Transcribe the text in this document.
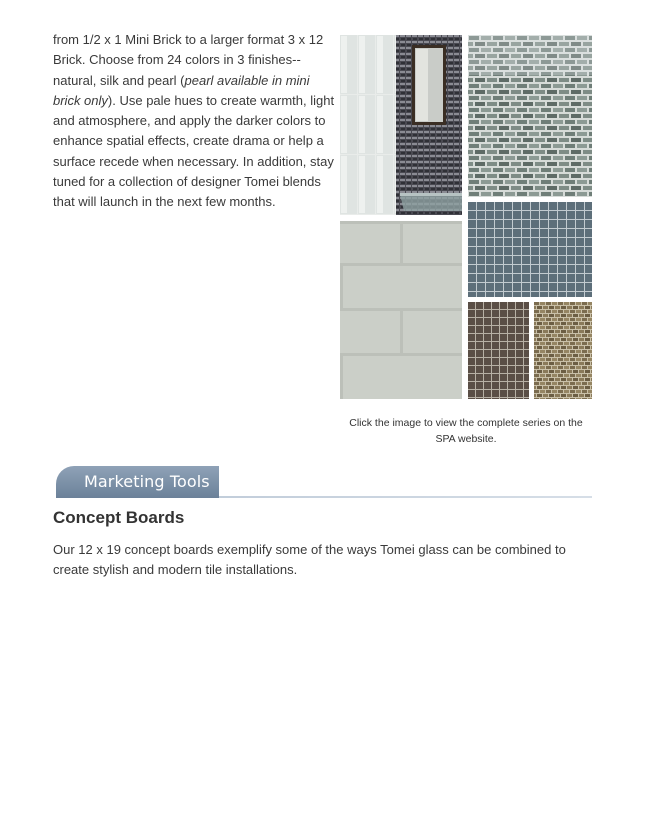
from 1/2 x 1 Mini Brick to a larger format 3 x 12 Brick. Choose from 24 colors in 3 finishes--natural, silk and pearl (pearl available in mini brick only). Use pale hues to create warmth, light and atmosphere, and apply the darker colors to enhance spatial effects, create drama or help a surface recede when necessary. In addition, stay tuned for a collection of designer Tomei blends that will launch in the next few months.
Click the image to view the complete series on the SPA website.
Marketing Tools
Concept Boards
Our 12 x 19 concept boards exemplify some of the ways Tomei glass can be combined to create stylish and modern tile installations.
